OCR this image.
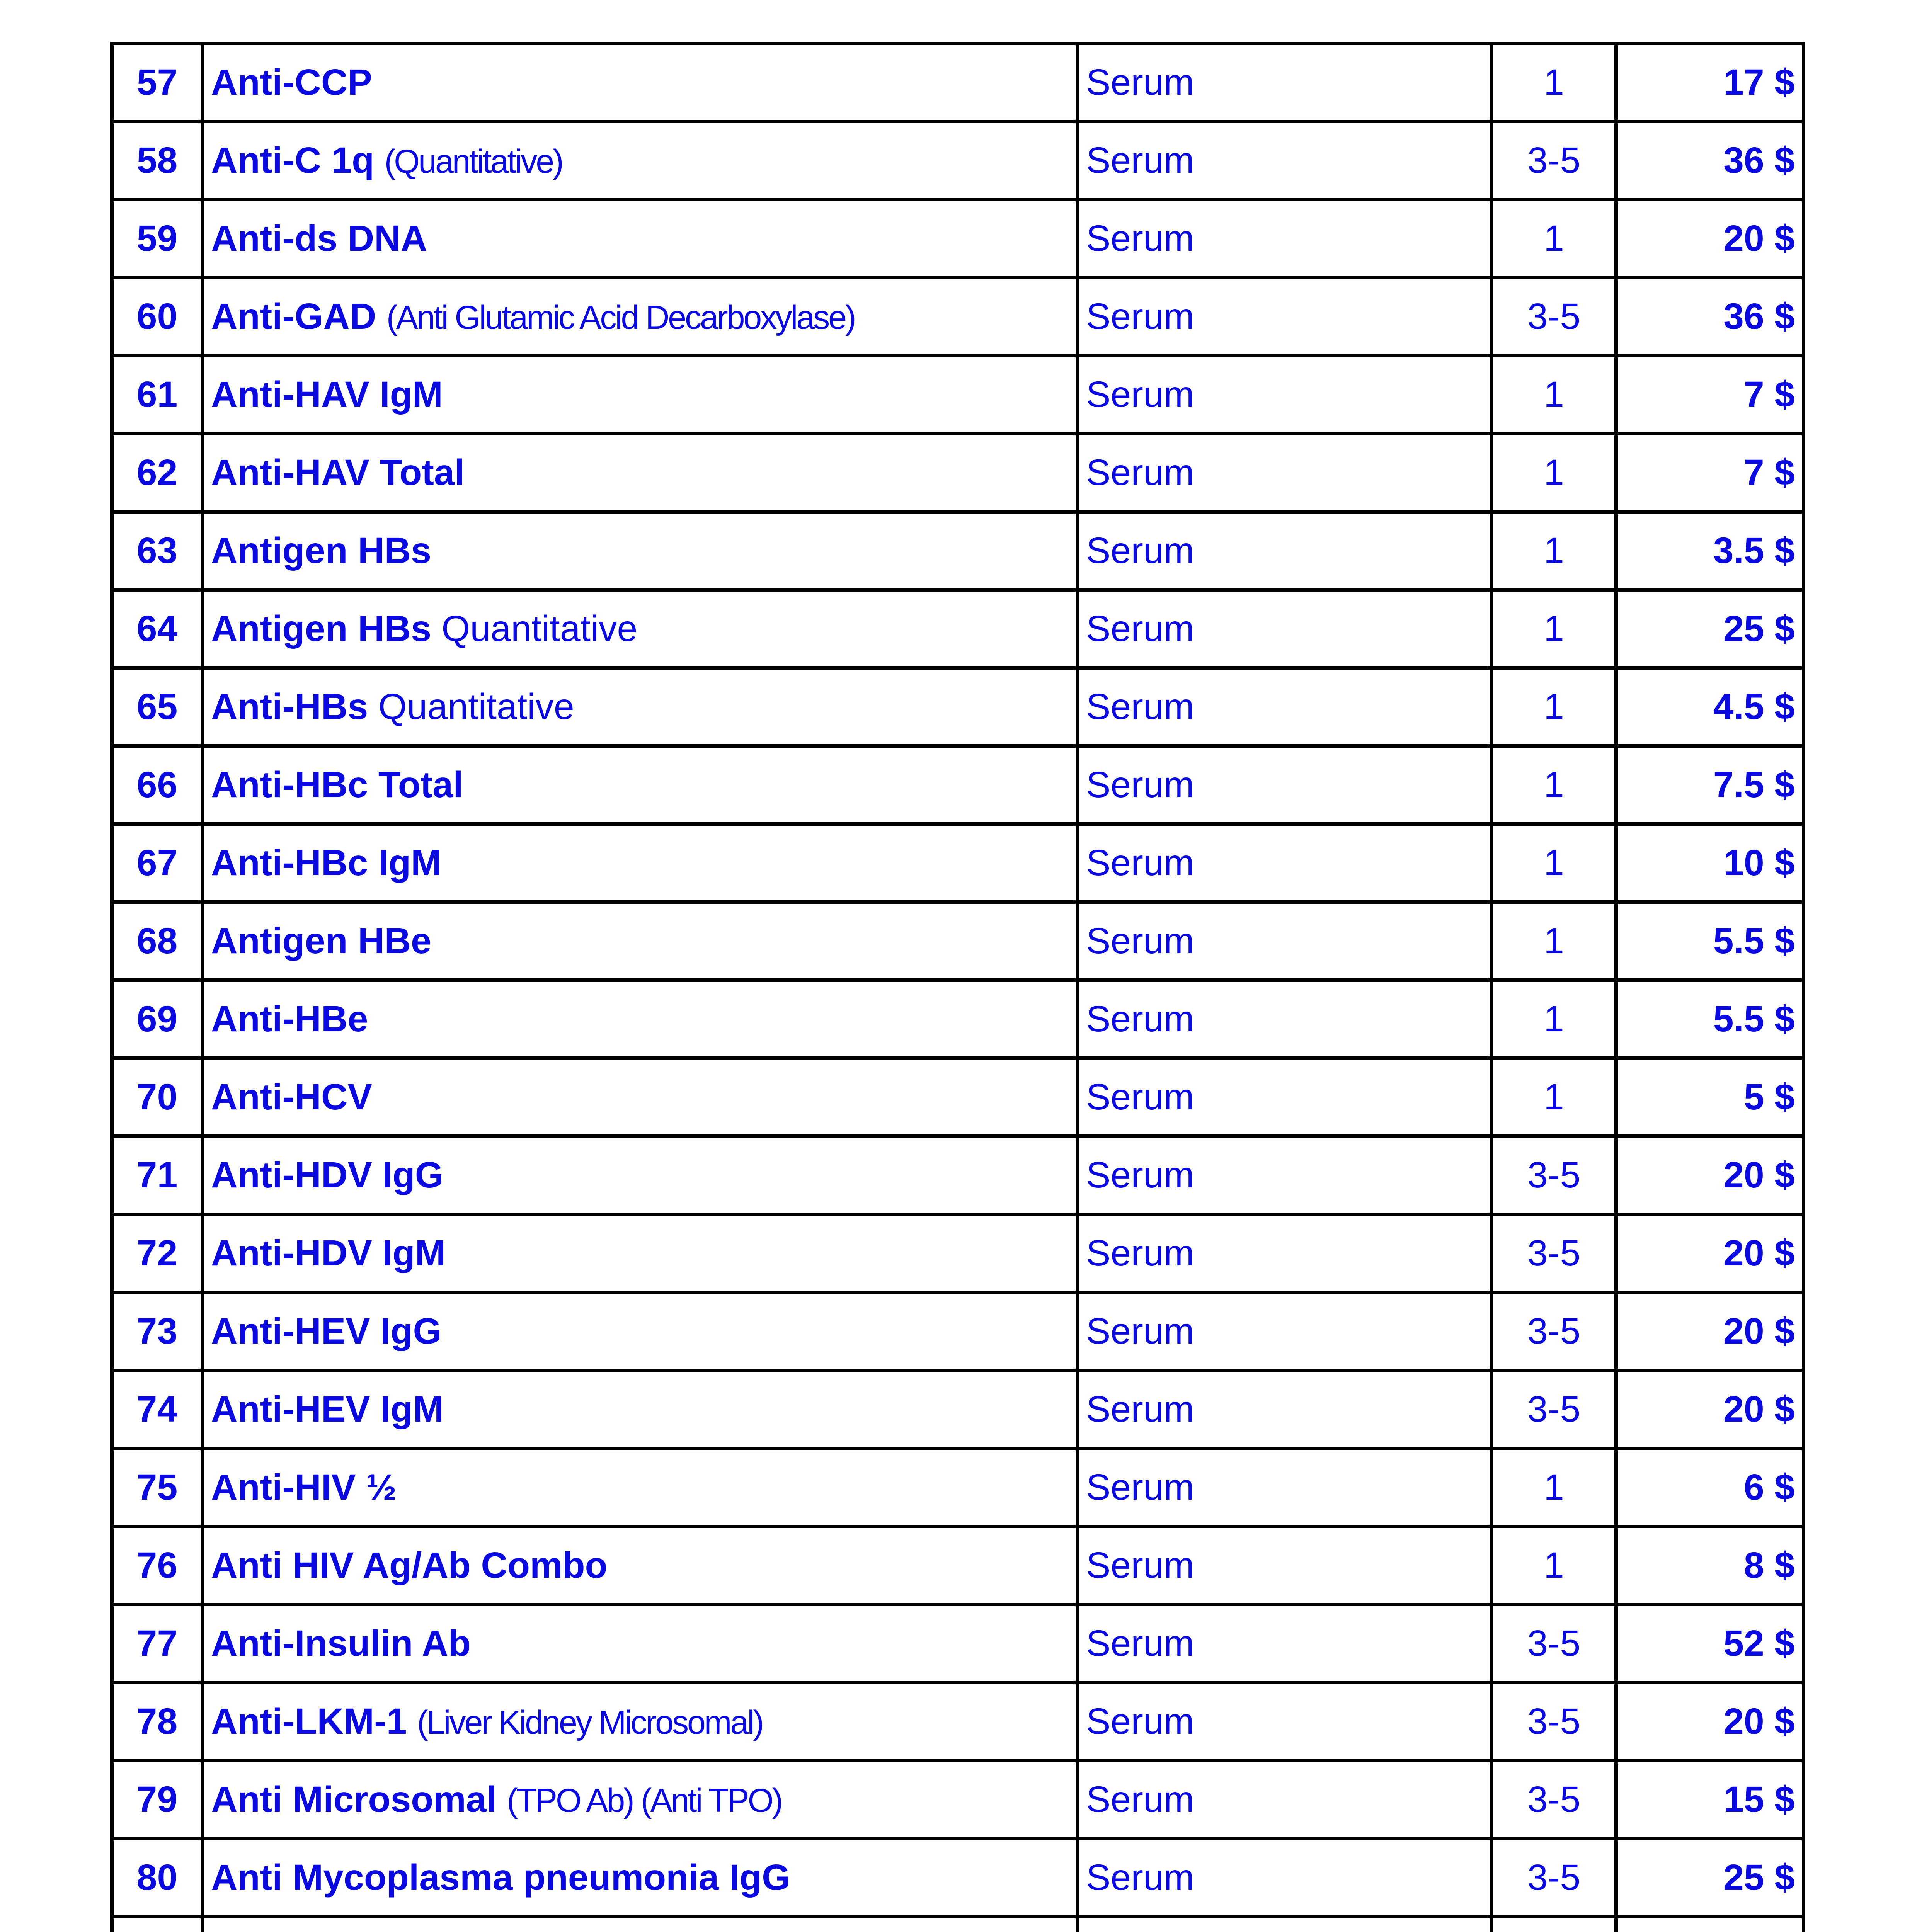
57	Anti-CCP	Serum	1	17 $
58	Anti-C 1q (Quantitative)	Serum	3-5	36 $
59	Anti-ds DNA	Serum	1	20 $
60	Anti-GAD (Anti Glutamic Acid Decarboxylase)	Serum	3-5	36 $
61	Anti-HAV IgM	Serum	1	7 $
62	Anti-HAV Total	Serum	1	7 $
63	Antigen HBs	Serum	1	3.5 $
64	Antigen HBs Quantitative	Serum	1	25 $
65	Anti-HBs Quantitative	Serum	1	4.5 $
66	Anti-HBc Total	Serum	1	7.5 $
67	Anti-HBc IgM	Serum	1	10 $
68	Antigen HBe	Serum	1	5.5 $
69	Anti-HBe	Serum	1	5.5 $
70	Anti-HCV	Serum	1	5 $
71	Anti-HDV IgG	Serum	3-5	20 $
72	Anti-HDV IgM	Serum	3-5	20 $
73	Anti-HEV IgG	Serum	3-5	20 $
74	Anti-HEV IgM	Serum	3-5	20 $
75	Anti-HIV ½	Serum	1	6 $
76	Anti HIV Ag/Ab Combo	Serum	1	8 $
77	Anti-Insulin Ab	Serum	3-5	52 $
78	Anti-LKM-1 (Liver Kidney Microsomal)	Serum	3-5	20 $
79	Anti Microsomal (TPO Ab) (Anti TPO)	Serum	3-5	15 $
80	Anti Mycoplasma pneumonia IgG	Serum	3-5	25 $
